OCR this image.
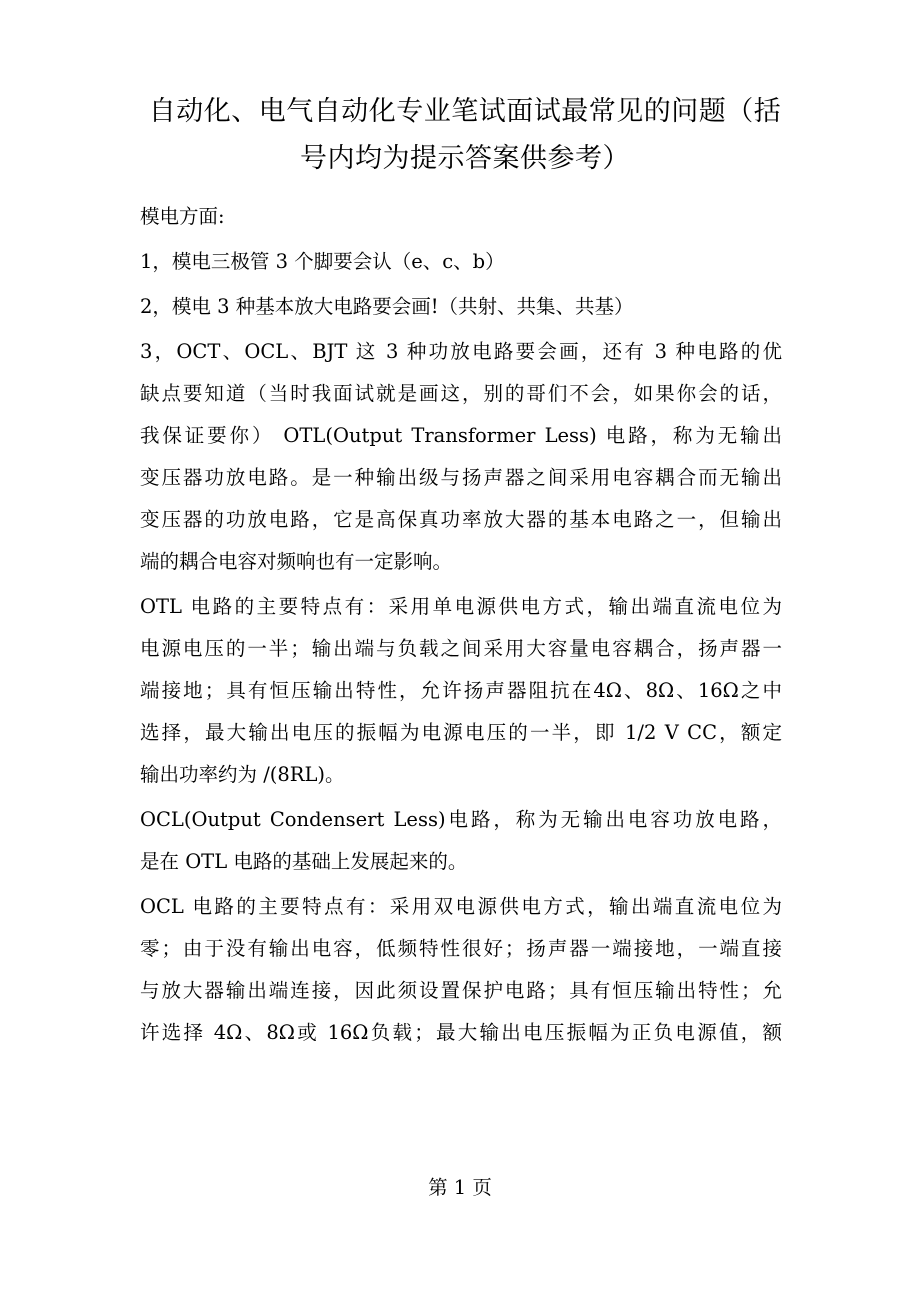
自动化、电气自动化专业笔试面试最常见的问题（括
号内均为提示答案供参考）

模电方面:

1，模电三极管 3 个脚要会认（e、c、b）

2，模电 3 种基本放大电路要会画!（共射、共集、共基）

3，OCT、OCL、BJT 这 3 种功放电路要会画，还有 3 种电路的优
缺点要知道（当时我面试就是画这，别的哥们不会，如果你会的话，
我保证要你） OTL(Output Transformer Less) 电路，称为无输出
变压器功放电路。是一种输出级与扬声器之间采用电容耦合而无输出
变压器的功放电路，它是高保真功率放大器的基本电路之一，但输出
端的耦合电容对频响也有一定影响。

OTL 电路的主要特点有：采用单电源供电方式，输出端直流电位为
电源电压的一半；输出端与负载之间采用大容量电容耦合，扬声器一
端接地；具有恒压输出特性，允许扬声器阻抗在4Ω、8Ω、16Ω之中
选择，最大输出电压的振幅为电源电压的一半，即 1/2 V CC，额定
输出功率约为 /(8RL)。

OCL(Output Condensert Less)电路，称为无输出电容功放电路，
是在 OTL 电路的基础上发展起来的。

OCL 电路的主要特点有：采用双电源供电方式，输出端直流电位为
零；由于没有输出电容，低频特性很好；扬声器一端接地，一端直接
与放大器输出端连接，因此须设置保护电路；具有恒压输出特性；允
许选择 4Ω、8Ω或 16Ω负载；最大输出电压振幅为正负电源值，额

第 1 页
